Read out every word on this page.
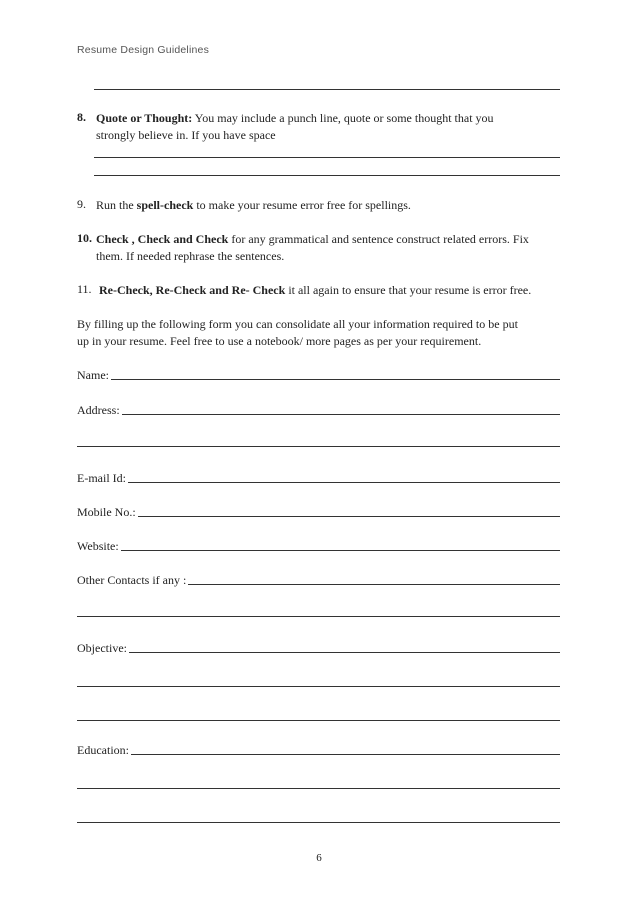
Resume Design Guidelines
8. Quote or Thought: You may include a punch line, quote or some thought that you
strongly believe in. If you have space
9. Run the spell-check to make your resume error free for spellings.
10. Check , Check and Check for any grammatical and sentence construct related errors. Fix
them. If needed rephrase the sentences.
11. Re-Check, Re-Check and Re- Check it all again to ensure that your resume is error free.
By filling up the following form you can consolidate all your information required to be put
up in your resume. Feel free to use a notebook/ more pages as per your requirement.
Name:
Address:
E-mail Id:
Mobile No.:
Website:
Other Contacts if any :
Objective:
Education:
6
